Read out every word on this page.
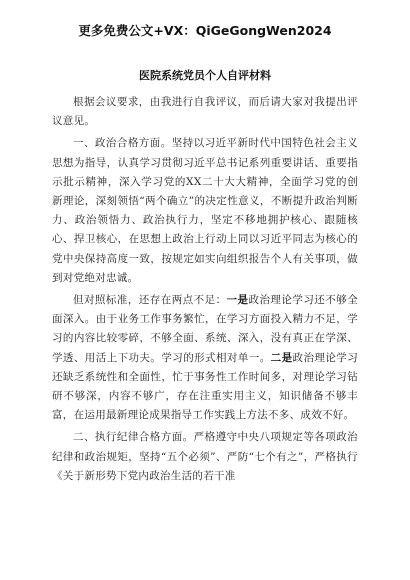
更多免费公文+VX：QiGeGongWen2024
医院系统党员个人自评材料

根据会议要求，由我进行自我评议，而后请大家对我提出评议意见。

一、政治合格方面。坚持以习近平新时代中国特色社会主义思想为指导，认真学习贯彻习近平总书记系列重要讲话、重要指示批示精神，深入学习党的XX二十大大精神，全面学习党的创新理论，深刻领悟“两个确立”的决定性意义，不断提升政治判断力、政治领悟力、政治执行力，坚定不移地拥护核心、跟随核心、捍卫核心，在思想上政治上行动上同以习近平同志为核心的党中央保持高度一致，按规定如实向组织报告个人有关事项，做到对党绝对忠诚。

但对照标准，还存在两点不足：一是政治理论学习还不够全面深入。由于业务工作事务繁忙，在学习方面投入精力不足，学习的内容比较零碎，不够全面、系统、深入，没有真正在学深、学透、用活上下功夫。学习的形式相对单一。二是政治理论学习还缺乏系统性和全面性，忙于事务性工作时间多，对理论学习钻研不够深，内容不够广，存在注重实用主义，知识储备不够丰富，在运用最新理论成果指导工作实践上方法不多、成效不好。

二、执行纪律合格方面。严格遵守中央八项规定等各项政治纪律和政治规矩，坚持“五个必须”、严防“七个有之”，严格执行《关于新形势下党内政治生活的若干准
